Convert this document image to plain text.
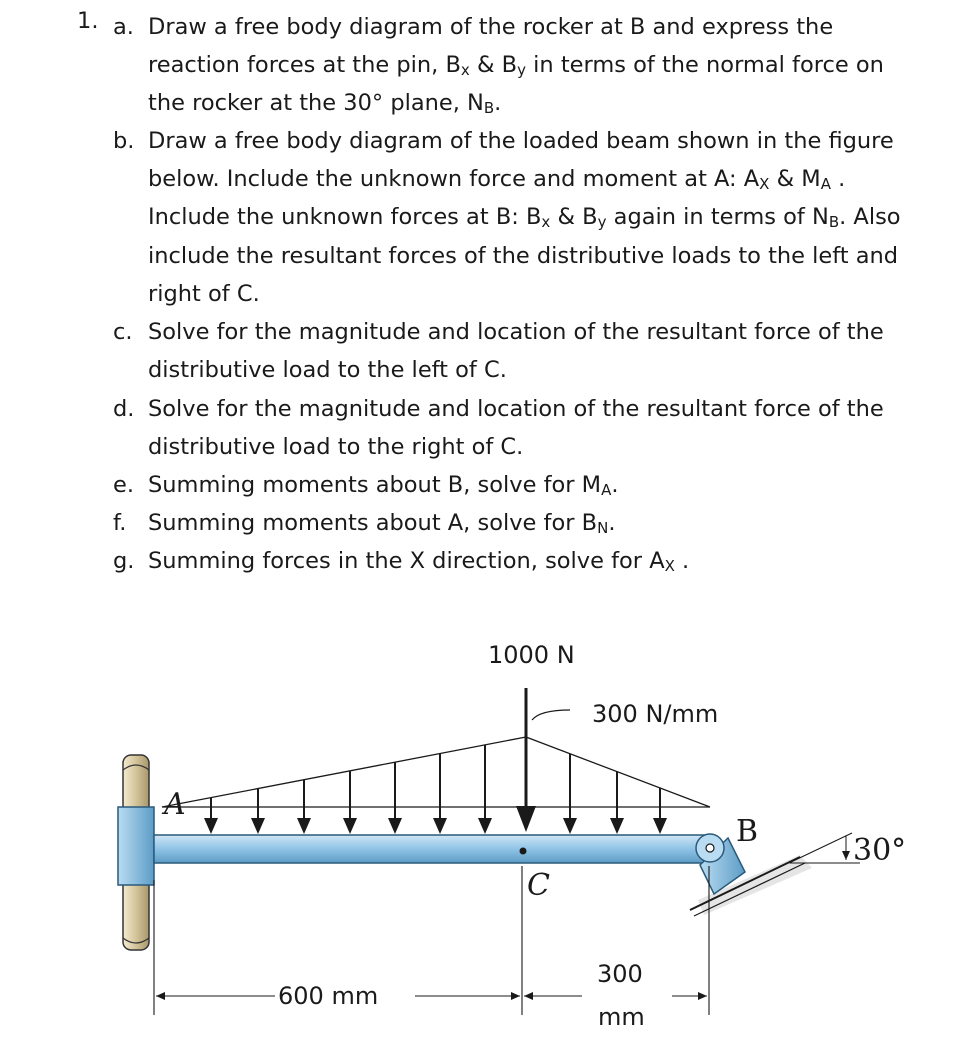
1. a. Draw a free body diagram of the rocker at B and express the reaction forces at the pin, $B_x$ & $B_y$ in terms of the normal force on the rocker at the 30° plane, $N_B$.
b. Draw a free body diagram of the loaded beam shown in the figure below. Include the unknown force and moment at A: $A_X$ & $M_A$ . Include the unknown forces at B: $B_x$ & $B_y$ again in terms of $N_B$. Also include the resultant forces of the distributive loads to the left and right of C.
c. Solve for the magnitude and location of the resultant force of the distributive load to the left of C.
d. Solve for the magnitude and location of the resultant force of the distributive load to the right of C.
e. Summing moments about B, solve for $M_A$.
f. Summing moments about A, solve for $B_N$.
g. Summing forces in the X direction, solve for $A_X$ .
1000 N
300 N/mm
A
C
B
30°
600 mm
300
mm
